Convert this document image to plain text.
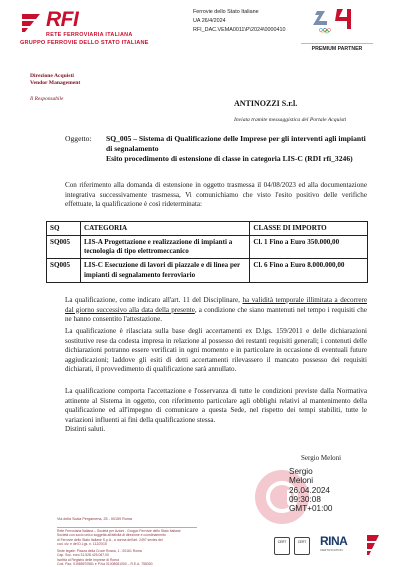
RFI
RETE FERROVIARIA ITALIANA
GRUPPO FERROVIE DELLO STATO ITALIANE
Ferrovie dello Stato Italiane
UA 26/4/2024
RFI_DAC.VEMA0011\P\2024\0000410
PREMIUM PARTNER
Direzione Acquisti
Vendor Management
Il Responsabile	ANTINOZZI S.r.l.
Inviata tramite messaggistica del Portale Acquisti
Oggetto: SQ_005 – Sistema di Qualificazione delle Imprese per gli interventi agli impianti di segnalamento
Esito procedimento di estensione di classe in categoria LIS-C (RDI rfi_3246)
Con riferimento alla domanda di estensione in oggetto trasmessa il 04/08/2023 ed alla documentazione integrativa successivamente trasmessa, Vi comunichiamo che visto l'esito positivo delle verifiche effettuate, la qualificazione è così rideterminata:
SQ	CATEGORIA	CLASSE DI IMPORTO
SQ005	LIS-A Progettazione e realizzazione di impianti a tecnologia di tipo elettromeccanico	Cl. 1 Fino a Euro 350.000,00
SQ005	LIS-C Esecuzione di lavori di piazzale e di linea per impianti di segnalamento ferroviario	Cl. 6 Fino a Euro 8.000.000,00
La qualificazione, come indicato all'art. 11 del Disciplinare, ha validità temporale illimitata a decorrere dal giorno successivo alla data della presente, a condizione che siano mantenuti nel tempo i requisiti che ne hanno consentito l'attestazione.
La qualificazione è rilasciata sulla base degli accertamenti ex D.lgs. 159/2011 e delle dichiarazioni sostitutive rese da codesta impresa in relazione al possesso dei restanti requisiti generali; i contenuti delle dichiarazioni potranno essere verificati in ogni momento e in particolare in occasione di eventuali future aggiudicazioni; laddove gli esiti di detti accertamenti rilevassero il mancato possesso dei requisiti dichiarati, il provvedimento di qualificazione sarà annullato.
La qualificazione comporta l'accettazione e l'osservanza di tutte le condizioni previste dalla Normativa attinente al Sistema in oggetto, con riferimento particolare agli obblighi relativi al mantenimento della qualificazione ed all'impegno di comunicare a questa Sede, nel rispetto dei tempi stabiliti, tutte le variazioni influenti ai fini della qualificazione stessa.
Distinti saluti.
Sergio Meloni
Sergio
Meloni
26.04.2024
09:30:08
GMT+01:00
Via della Scala Pergamena, 25 - 00159 Roma
Rete Ferroviaria Italiana – Società per Azioni - Gruppo Ferrovie dello Stato Italiane
Società con socio unico soggetta all'attività di direzione e coordinamento
di Ferrovie dello Stato Italiane S.p.A., a norma dell'art. 2497 sexies del
cod. civ. e del D.Lgs. n. 112/2015
Sede legale: Piazza della Croce Rossa, 1 - 00161 Roma
Cap. Soc. euro 31.528.425.067,00
Iscritta al Registro delle Imprese di Roma
Cod. Fisc. 01585570581 e P.Iva 01008081000 – R.E.A. 758300
CERT	CERT	RINA
CERTIFICATION
